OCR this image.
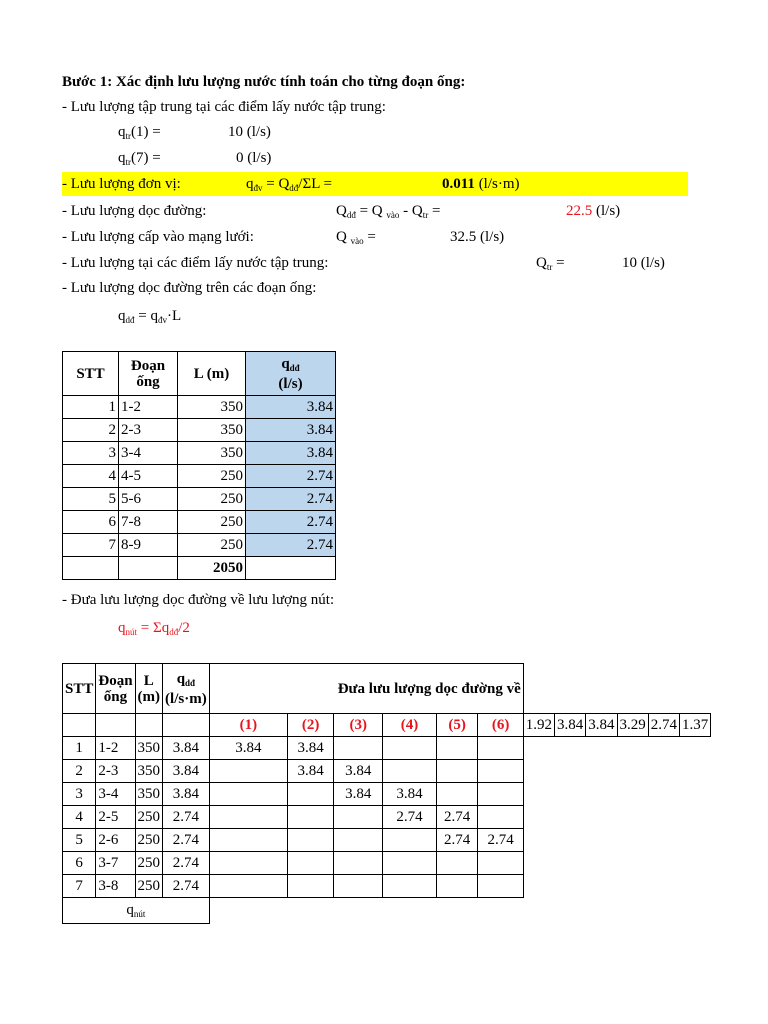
Bước 1: Xác định lưu lượng nước tính toán cho từng đoạn ống:
- Lưu lượng tập trung tại các điểm lấy nước tập trung:
$q_{tr}(1)$ =	10 (l/s)
$q_{tr}(7)$ =	0 (l/s)
- Lưu lượng đơn vị:	$q_{đv} = Q_{dđ}/\Sigma L$ =	0.011 (l/s·m)
- Lưu lượng dọc đường:	$Q_{dđ} = Q$ $_{vào} - Q_{tr}$ =	22.5 (l/s)
- Lưu lượng cấp vào mạng lưới:	Q $_{vào}$ =	32.5 (l/s)
- Lưu lượng tại các điểm lấy nước tập trung:	$Q_{tr}$ =	10 (l/s)
- Lưu lượng dọc đường trên các đoạn ống:
$q_{dđ} = q_{đv}\cdot L$
STT	Đoạn ống	L (m)	$q_{dđ}$
(l/s)
1	1-2	350	3.84
2	2-3	350	3.84
3	3-4	350	3.84
4	4-5	250	2.74
5	5-6	250	2.74
6	7-8	250	2.74
7	8-9	250	2.74
		2050	
- Đưa lưu lượng dọc đường về lưu lượng nút:
$q_{nút} = \Sigma q_{dđ}/2$
STT	Đoạn ống	L (m)	$q_{dđ}$
(l/s·m)	Đưa lưu lượng dọc đường về											
				(1)	(2)	(3)	(4)	(5)	(6)	1.92	3.84	3.84	3.29	2.74	1.37
1	1-2	350	3.84	3.84	3.84										
2	2-3	350	3.84		3.84	3.84									
3	3-4	350	3.84			3.84	3.84								
4	2-5	250	2.74				2.74	2.74							
5	2-6	250	2.74					2.74	2.74						
6	3-7	250	2.74												
7	3-8	250	2.74												
$q_{nút}$
